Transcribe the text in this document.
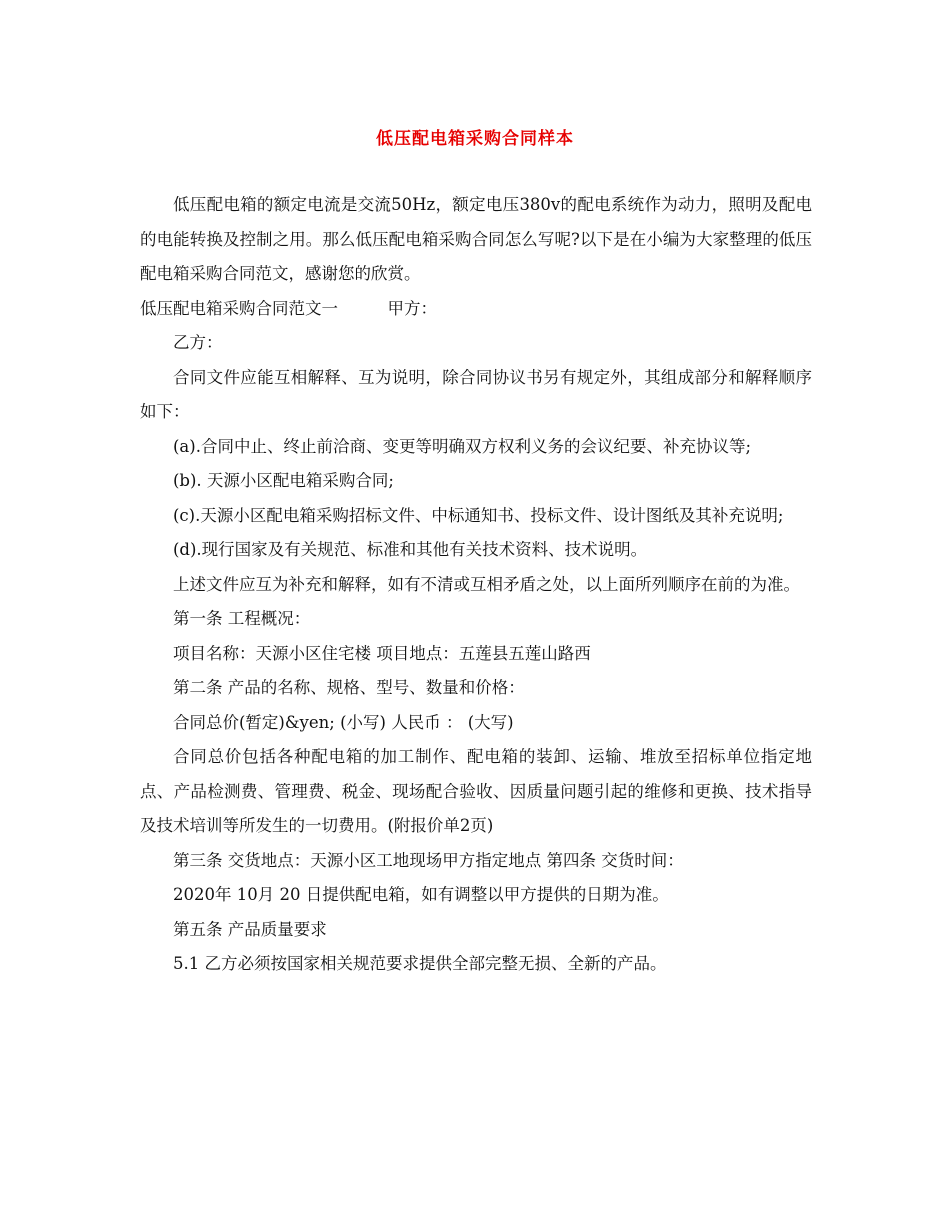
低压配电箱采购合同样本

低压配电箱的额定电流是交流50Hz，额定电压380v的配电系统作为动力，照明及配电的电能转换及控制之用。那么低压配电箱采购合同怎么写呢?以下是在小编为大家整理的低压配电箱采购合同范文，感谢您的欣赏。

低压配电箱采购合同范文一　　　甲方：

乙方：

合同文件应能互相解释、互为说明，除合同协议书另有规定外，其组成部分和解释顺序如下：

(a).合同中止、终止前洽商、变更等明确双方权利义务的会议纪要、补充协议等;

(b). 天源小区配电箱采购合同;

(c).天源小区配电箱采购招标文件、中标通知书、投标文件、设计图纸及其补充说明;

(d).现行国家及有关规范、标准和其他有关技术资料、技术说明。

上述文件应互为补充和解释，如有不清或互相矛盾之处，以上面所列顺序在前的为准。

第一条 工程概况：

项目名称：天源小区住宅楼 项目地点：五莲县五莲山路西

第二条 产品的名称、规格、型号、数量和价格：

合同总价(暂定)&yen; (小写) 人民币 ： (大写)

合同总价包括各种配电箱的加工制作、配电箱的装卸、运输、堆放至招标单位指定地点、产品检测费、管理费、税金、现场配合验收、因质量问题引起的维修和更换、技术指导及技术培训等所发生的一切费用。(附报价单2页)

第三条 交货地点：天源小区工地现场甲方指定地点 第四条 交货时间：

2020年 10月 20 日提供配电箱，如有调整以甲方提供的日期为准。

第五条 产品质量要求

5.1 乙方必须按国家相关规范要求提供全部完整无损、全新的产品。
